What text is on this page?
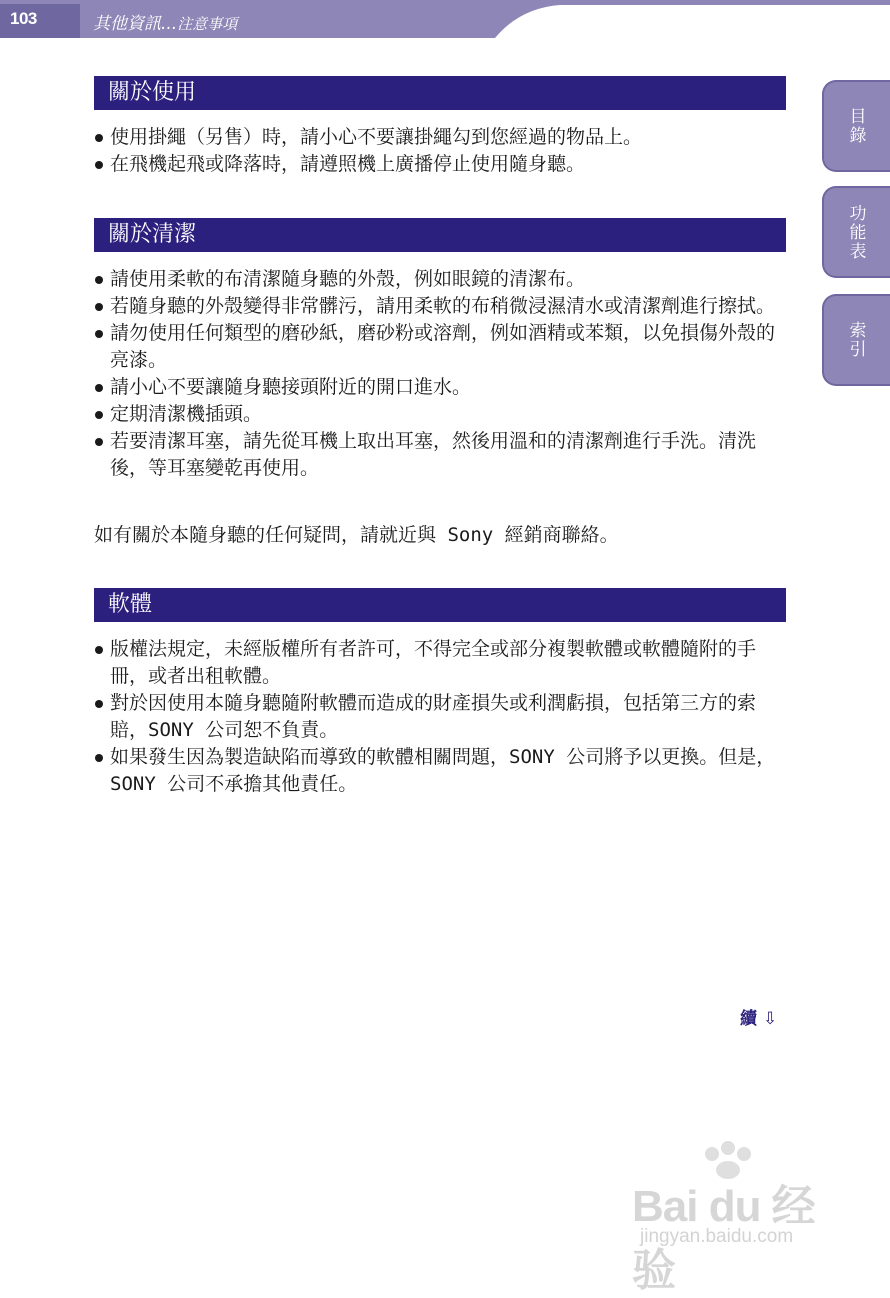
103	其他資訊...注意事項
目錄
功能表
索引
關於使用
使用掛繩（另售）時，請小心不要讓掛繩勾到您經過的物品上。
在飛機起飛或降落時，請遵照機上廣播停止使用隨身聽。
關於清潔
請使用柔軟的布清潔隨身聽的外殼，例如眼鏡的清潔布。
若隨身聽的外殼變得非常髒污，請用柔軟的布稍微浸濕清水或清潔劑進行擦拭。
請勿使用任何類型的磨砂紙，磨砂粉或溶劑，例如酒精或苯類，以免損傷外殼的亮漆。
請小心不要讓隨身聽接頭附近的開口進水。
定期清潔機插頭。
若要清潔耳塞，請先從耳機上取出耳塞，然後用溫和的清潔劑進行手洗。清洗後，等耳塞變乾再使用。

如有關於本隨身聽的任何疑問，請就近與 Sony 經銷商聯絡。

軟體
版權法規定，未經版權所有者許可，不得完全或部分複製軟體或軟體隨附的手冊，或者出租軟體。
對於因使用本隨身聽隨附軟體而造成的財產損失或利潤虧損，包括第三方的索賠，SONY 公司恕不負責。
如果發生因為製造缺陷而導致的軟體相關問題，SONY 公司將予以更換。但是，SONY 公司不承擔其他責任。
續 ⇩
Bai du 经验
jingyan.baidu.com
